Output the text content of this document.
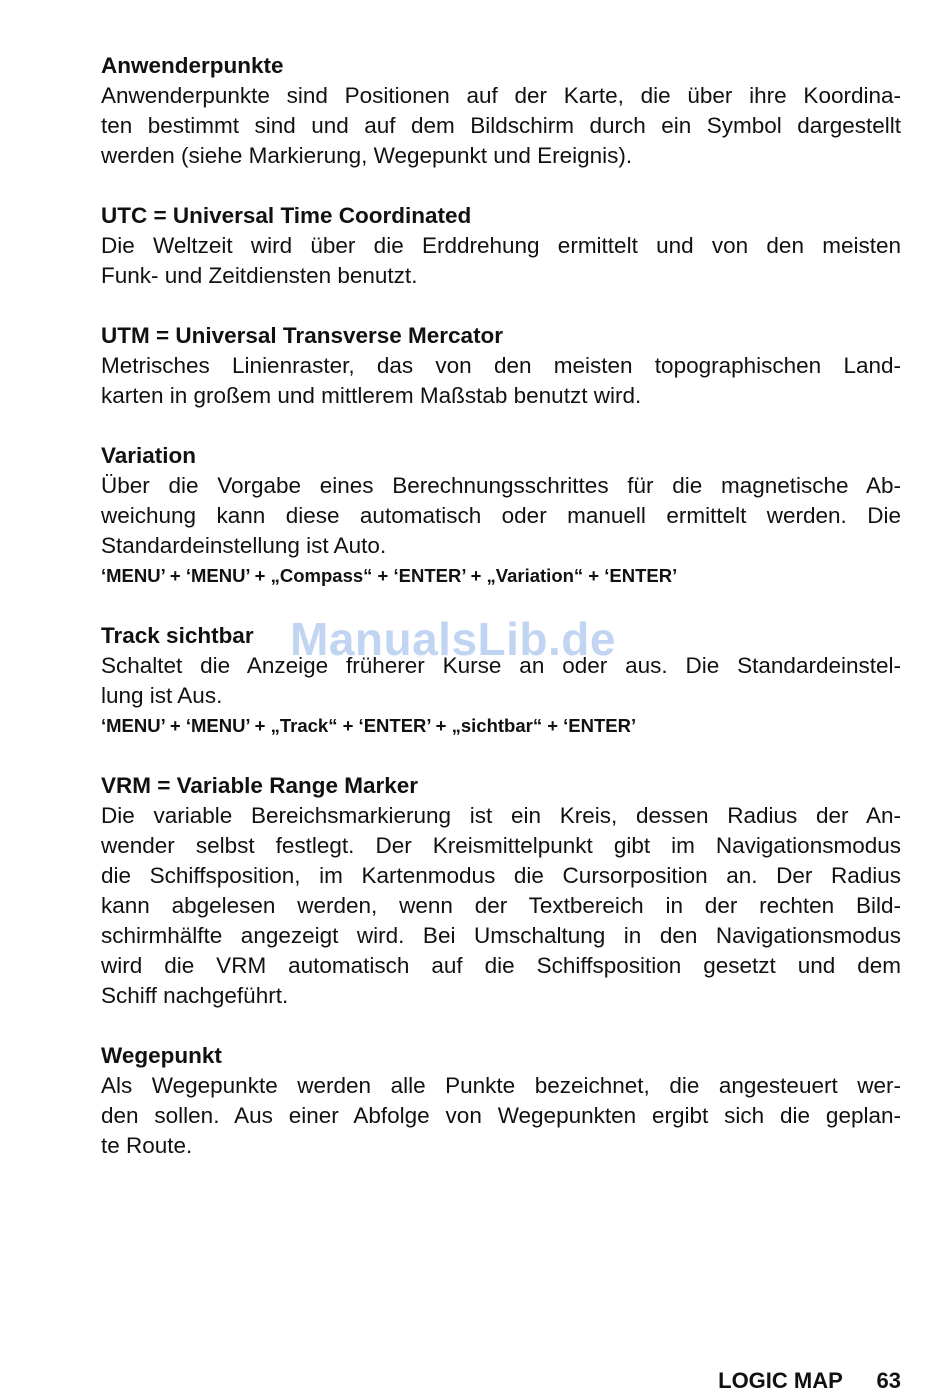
Anwenderpunkte

Anwenderpunkte sind Positionen auf der Karte, die über ihre Koordina-
ten bestimmt sind und auf dem Bildschirm durch ein Symbol dargestellt
werden (siehe Markierung, Wegepunkt und Ereignis).

UTC = Universal Time Coordinated

Die Weltzeit wird über die Erddrehung ermittelt und von den meisten
Funk- und Zeitdiensten benutzt.

UTM = Universal Transverse Mercator

Metrisches Linienraster, das von den meisten topographischen Land-
karten in großem und mittlerem Maßstab benutzt wird.

Variation

Über die Vorgabe eines Berechnungsschrittes für die magnetische Ab-
weichung kann diese automatisch oder manuell ermittelt werden. Die
Standardeinstellung ist Auto.

‘MENU’ + ‘MENU’ + „Compass“ + ‘ENTER’ + „Variation“ + ‘ENTER’

Track sichtbar

Schaltet die Anzeige früherer Kurse an oder aus. Die Standardeinstel-
lung ist Aus.

‘MENU’ + ‘MENU’ + „Track“ + ‘ENTER’ + „sichtbar“ + ‘ENTER’

VRM = Variable Range Marker

Die variable Bereichsmarkierung ist ein Kreis, dessen Radius der An-
wender selbst festlegt. Der Kreismittelpunkt gibt im Navigationsmodus
die Schiffsposition, im Kartenmodus die Cursorposition an. Der Radius
kann abgelesen werden, wenn der Textbereich in der rechten Bild-
schirmhälfte angezeigt wird. Bei Umschaltung in den Navigationsmodus
wird die VRM automatisch auf die Schiffsposition gesetzt und dem
Schiff nachgeführt.

Wegepunkt

Als Wegepunkte werden alle Punkte bezeichnet, die angesteuert wer-
den sollen. Aus einer Abfolge von Wegepunkten ergibt sich die geplan-
te Route.

ManualsLib.de
LOGIC MAP 63
